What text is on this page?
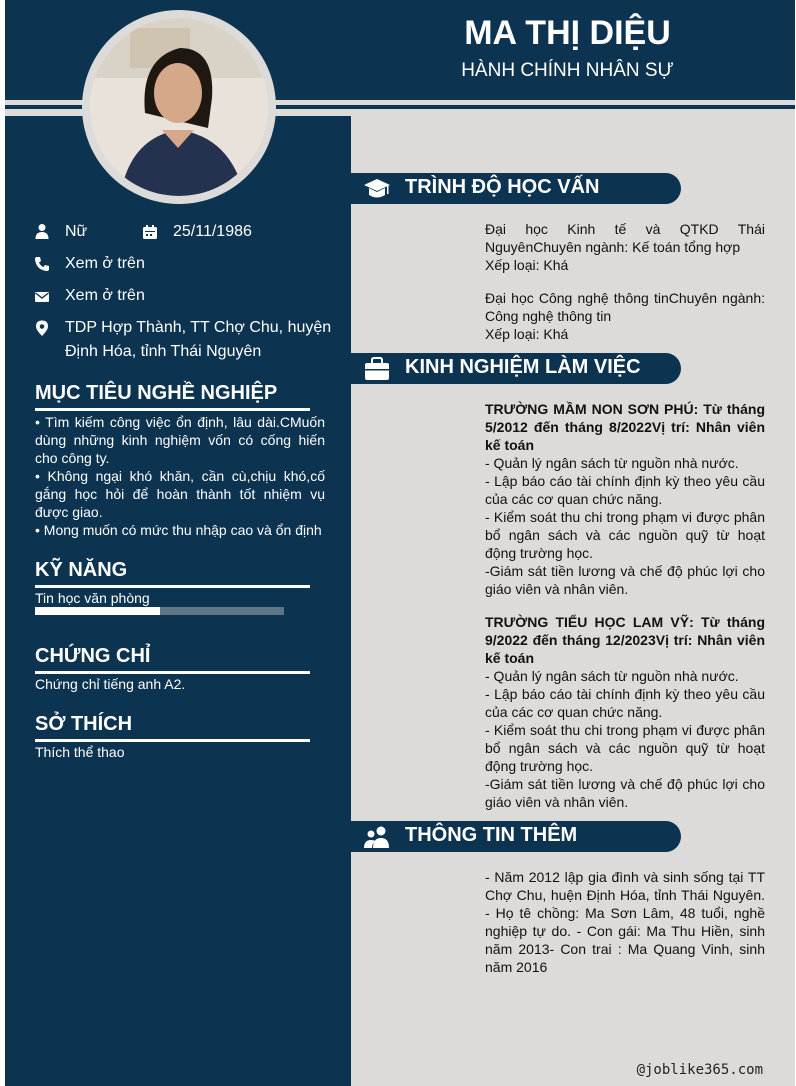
MA THỊ DIỆU
HÀNH CHÍNH NHÂN SỰ
Nữ	25/11/1986
Xem ở trên
Xem ở trên
TDP Hợp Thành, TT Chợ Chu, huyện Định Hóa, tỉnh Thái Nguyên
MỤC TIÊU NGHỀ NGHIỆP
• Tìm kiếm công việc ổn định, lâu dài.CMuốn dùng những kinh nghiệm vốn có cống hiến cho công ty.
• Không ngại khó khăn, cần cù,chịu khó,cố gắng học hỏi để hoàn thành tốt nhiệm vụ được giao.
• Mong muốn có mức thu nhập cao và ổn định
KỸ NĂNG
Tin học văn phòng
CHỨNG CHỈ
Chứng chỉ tiếng anh A2.
SỞ THÍCH
Thích thể thao
TRÌNH ĐỘ HỌC VẤN
Đại học Kinh tế và QTKD Thái NguyênChuyên ngành: Kế toán tổng hợp
Xếp loại: Khá
Đại học Công nghệ thông tinChuyên ngành: Công nghệ thông tin
Xếp loại: Khá
KINH NGHIỆM LÀM VIỆC
TRƯỜNG MẦM NON SƠN PHÚ: Từ tháng 5/2012 đến tháng 8/2022Vị trí: Nhân viên kế toán
- Quản lý ngân sách từ nguồn nhà nước.
- Lập báo cáo tài chính định kỳ theo yêu cầu của các cơ quan chức năng.
- Kiểm soát thu chi trong phạm vi được phân bổ ngân sách và các nguồn quỹ từ hoạt động trường học.
-Giám sát tiền lương và chế độ phúc lợi cho giáo viên và nhân viên.
TRƯỜNG TIỂU HỌC LAM VỸ: Từ tháng 9/2022 đến tháng 12/2023Vị trí: Nhân viên kế toán
- Quản lý ngân sách từ nguồn nhà nước.
- Lập báo cáo tài chính định kỳ theo yêu cầu của các cơ quan chức năng.
- Kiểm soát thu chi trong phạm vi được phân bổ ngân sách và các nguồn quỹ từ hoạt động trường học.
-Giám sát tiền lương và chế độ phúc lợi cho giáo viên và nhân viên.
THÔNG TIN THÊM
- Năm 2012 lập gia đình và sinh sống tại TT Chợ Chu, huện Định Hóa, tỉnh Thái Nguyên. - Họ tê chồng: Ma Sơn Lâm, 48 tuổi, nghề nghiệp tự do. - Con gái: Ma Thu Hiền, sinh năm 2013- Con trai : Ma Quang Vinh, sinh năm 2016
@joblike365.com
